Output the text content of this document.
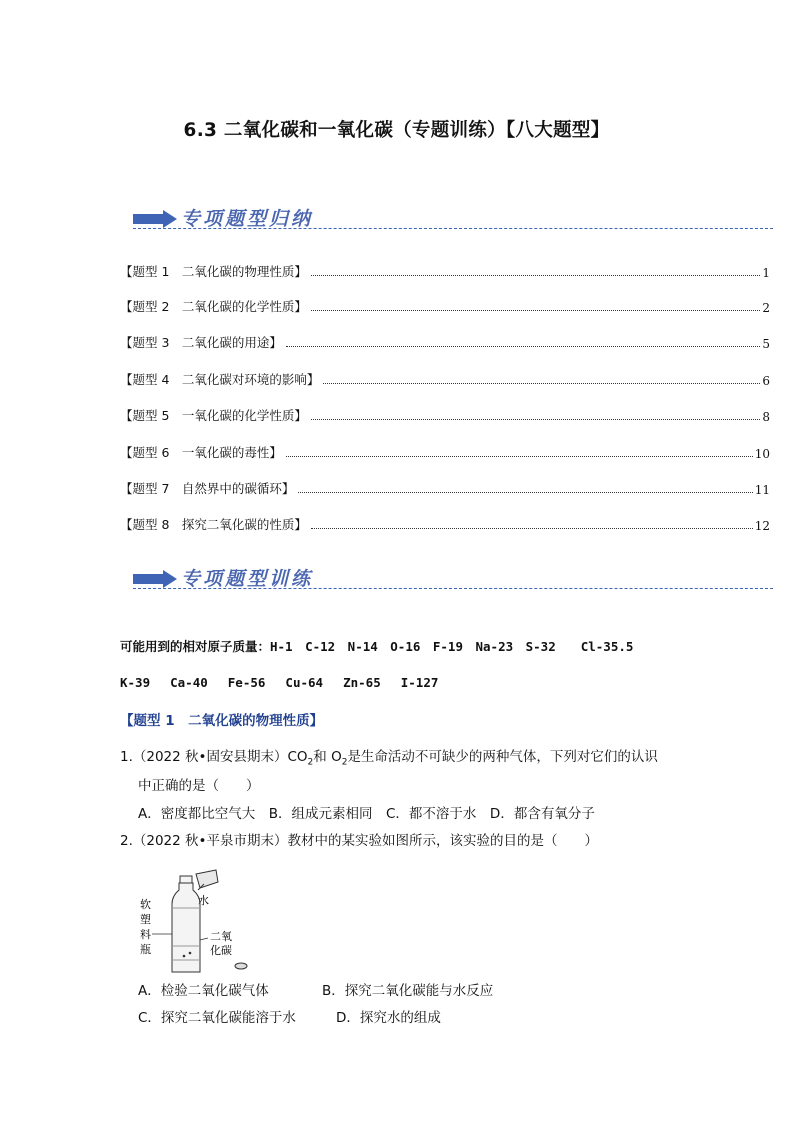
6.3 二氧化碳和一氧化碳（专题训练）【八大题型】
专项题型归纳
【题型 1　二氧化碳的物理性质】	1
【题型 2　二氧化碳的化学性质】	2
【题型 3　二氧化碳的用途】	5
【题型 4　二氧化碳对环境的影响】	6
【题型 5　一氧化碳的化学性质】	8
【题型 6　一氧化碳的毒性】	10
【题型 7　自然界中的碳循环】	11
【题型 8　探究二氧化碳的性质】	12
专项题型训练
可能用到的相对原子质量：H-1　C-12　N-14　O-16　F-19　Na-23　S-32　　Cl-35.5
K-39　 Ca-40　 Fe-56　 Cu-64　 Zn-65　 I-127
【题型 1　二氧化碳的物理性质】
1.（2022 秋•固安县期末）$CO_2$和 $O_2$是生命活动不可缺少的两种气体，下列对它们的认识
中正确的是（　　）
A．密度都比空气大　B．组成元素相同　C．都不溶于水　D．都含有氧分子
2.（2022 秋•平泉市期末）教材中的某实验如图所示，该实验的目的是（　　）
水
软
塑
料
瓶
二氧
化碳
A．检验二氧化碳气体	B．探究二氧化碳能与水反应
C．探究二氧化碳能溶于水	D．探究水的组成
